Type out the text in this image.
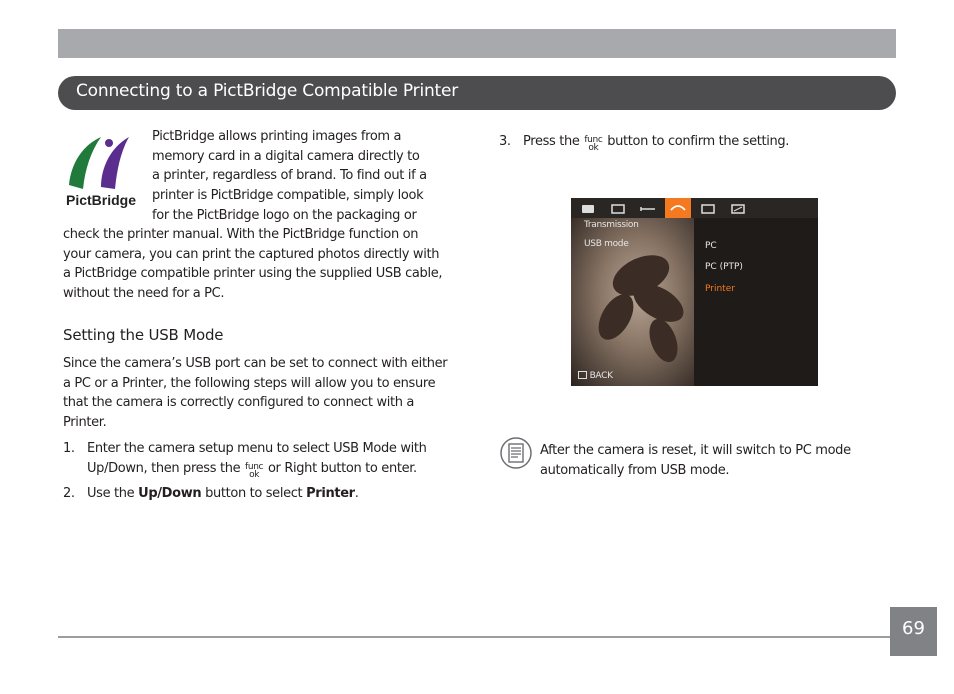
Connecting to a PictBridge Compatible Printer
PictBridge
PictBridge allows printing images from a
memory card in a digital camera directly to
a printer, regardless of brand. To find out if a
printer is PictBridge compatible, simply look
for the PictBridge logo on the packaging or
check the printer manual. With the PictBridge function on
your camera, you can print the captured photos directly with
a PictBridge compatible printer using the supplied USB cable,
without the need for a PC.
Setting the USB Mode
Since the camera’s USB port can be set to connect with either
a PC or a Printer, the following steps will allow you to ensure
that the camera is correctly configured to connect with a
Printer.
1. Enter the camera setup menu to select USB Mode with
Up/Down, then press the func
ok or Right button to enter.
2. Use the Up/Down button to select Printer.
3. Press the func
ok button to confirm the setting.
Transmission
USB mode	PC
PC (PTP)
Printer
BACK
After the camera is reset, it will switch to PC mode
automatically from USB mode.
69
